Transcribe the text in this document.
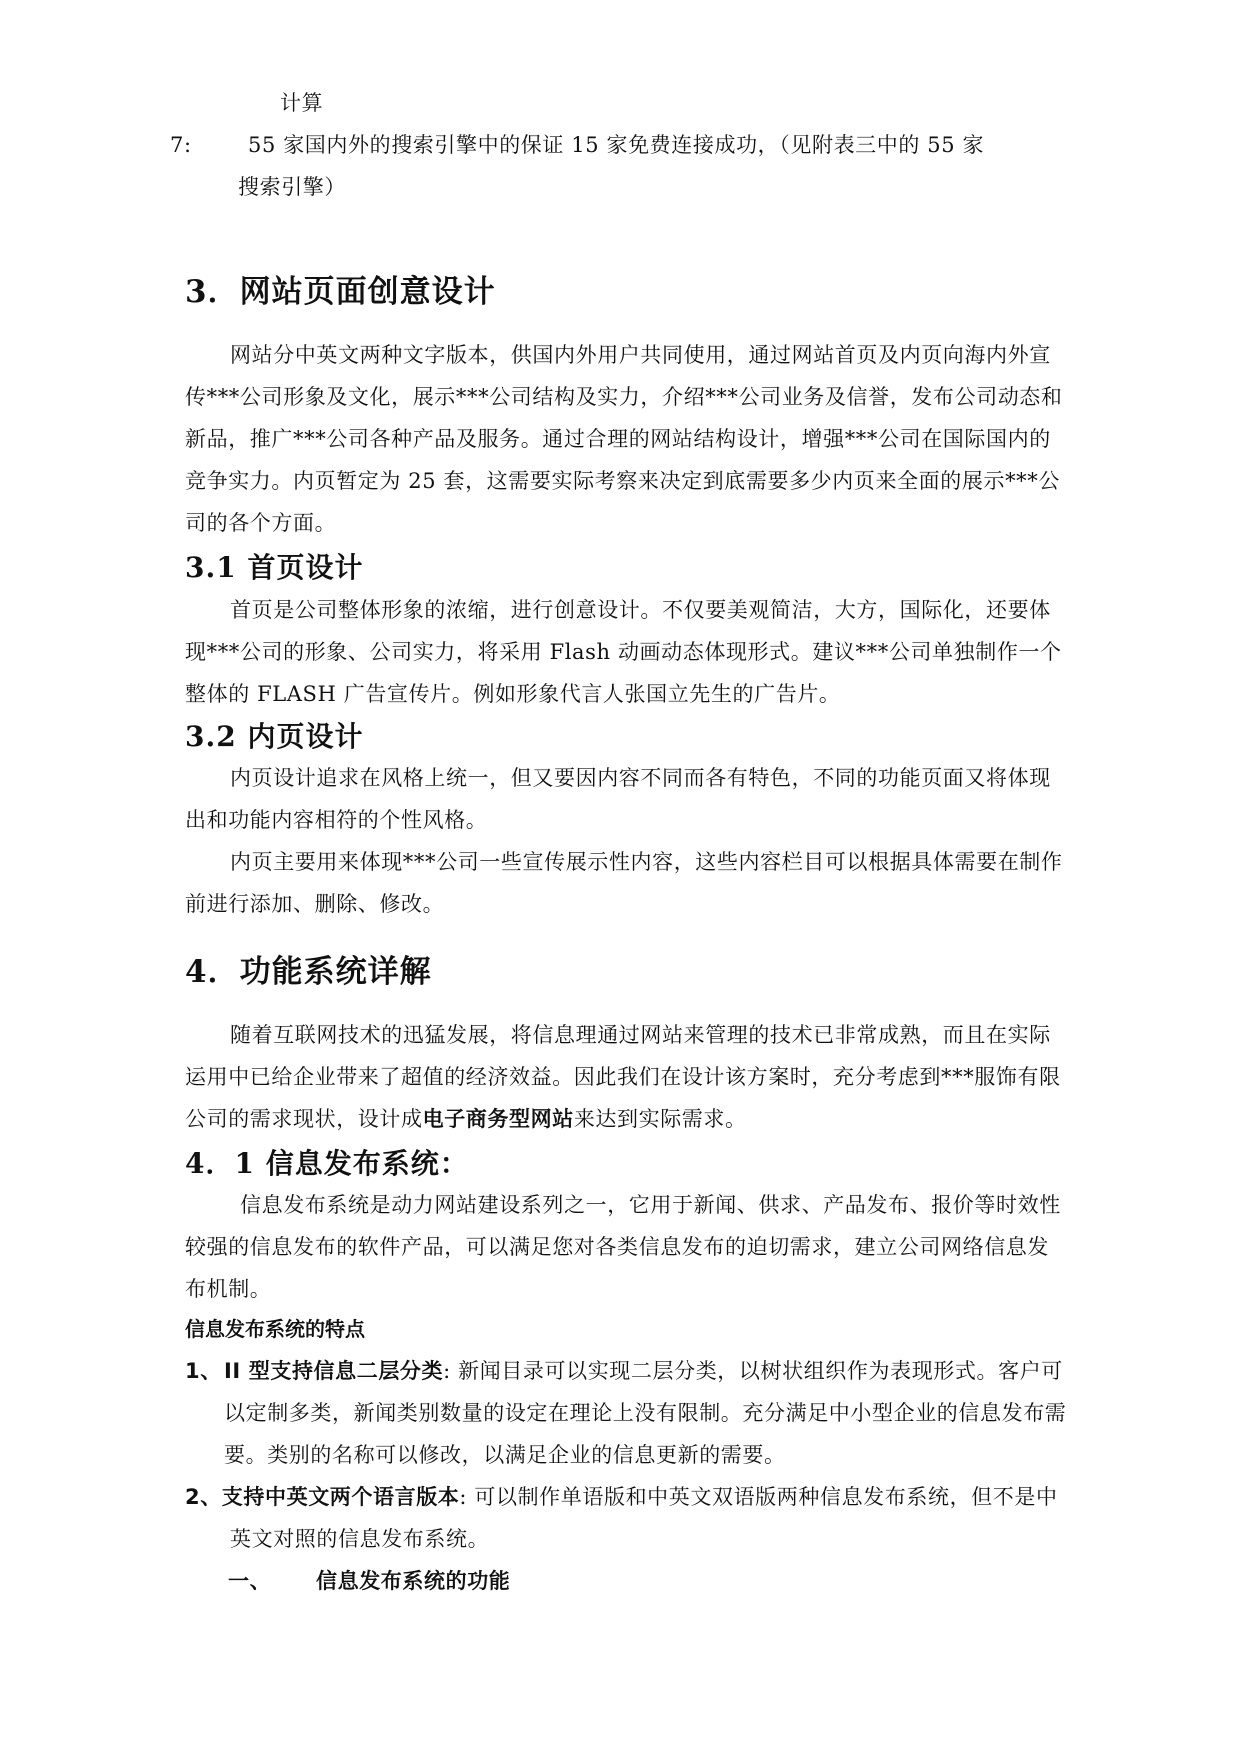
计算
7:	55 家国内外的搜索引擎中的保证 15 家免费连接成功，（见附表三中的 55 家
搜索引擎）
3．网站页面创意设计
网站分中英文两种文字版本，供国内外用户共同使用，通过网站首页及内页向海内外宣
传***公司形象及文化，展示***公司结构及实力，介绍***公司业务及信誉，发布公司动态和
新品，推广***公司各种产品及服务。通过合理的网站结构设计，增强***公司在国际国内的
竞争实力。内页暂定为 25 套，这需要实际考察来决定到底需要多少内页来全面的展示***公
司的各个方面。
3.1 首页设计
首页是公司整体形象的浓缩，进行创意设计。不仅要美观简洁，大方，国际化，还要体
现***公司的形象、公司实力，将采用 Flash 动画动态体现形式。建议***公司单独制作一个
整体的 FLASH 广告宣传片。例如形象代言人张国立先生的广告片。
3.2 内页设计
内页设计追求在风格上统一，但又要因内容不同而各有特色，不同的功能页面又将体现
出和功能内容相符的个性风格。
内页主要用来体现***公司一些宣传展示性内容，这些内容栏目可以根据具体需要在制作
前进行添加、删除、修改。
4．功能系统详解
随着互联网技术的迅猛发展，将信息理通过网站来管理的技术已非常成熟，而且在实际
运用中已给企业带来了超值的经济效益。因此我们在设计该方案时，充分考虑到***服饰有限
公司的需求现状，设计成电子商务型网站来达到实际需求。
4．1 信息发布系统：
信息发布系统是动力网站建设系列之一，它用于新闻、供求、产品发布、报价等时效性
较强的信息发布的软件产品，可以满足您对各类信息发布的迫切需求，建立公司网络信息发
布机制。
信息发布系统的特点
1、 II 型支持信息二层分类: 新闻目录可以实现二层分类，以树状组织作为表现形式。客户可
以定制多类，新闻类别数量的设定在理论上没有限制。充分满足中小型企业的信息发布需
要。类别的名称可以修改，以满足企业的信息更新的需要。
2、支持中英文两个语言版本: 可以制作单语版和中英文双语版两种信息发布系统，但不是中
英文对照的信息发布系统。
一、 信息发布系统的功能
